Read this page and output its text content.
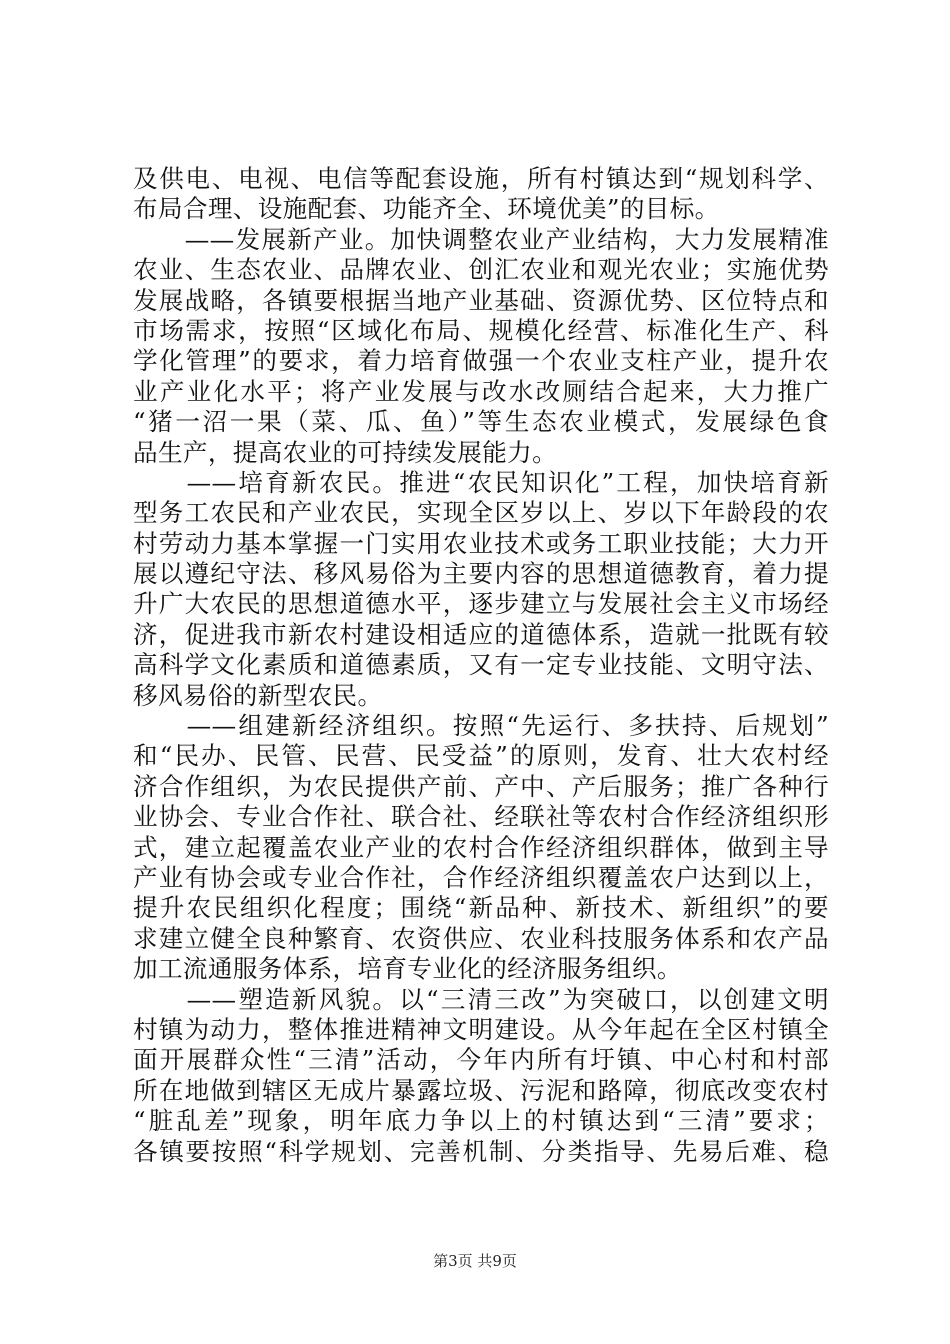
及供电、电视、电信等配套设施，所有村镇达到“规划科学、
布局合理、设施配套、功能齐全、环境优美”的目标。
　　——发展新产业。加快调整农业产业结构，大力发展精准
农业、生态农业、品牌农业、创汇农业和观光农业；实施优势
发展战略，各镇要根据当地产业基础、资源优势、区位特点和
市场需求，按照“区域化布局、规模化经营、标准化生产、科
学化管理”的要求，着力培育做强一个农业支柱产业，提升农
业产业化水平；将产业发展与改水改厕结合起来，大力推广
“猪一沼一果（菜、瓜、鱼）”等生态农业模式，发展绿色食
品生产，提高农业的可持续发展能力。
　　——培育新农民。推进“农民知识化”工程，加快培育新
型务工农民和产业农民，实现全区岁以上、岁以下年龄段的农
村劳动力基本掌握一门实用农业技术或务工职业技能；大力开
展以遵纪守法、移风易俗为主要内容的思想道德教育，着力提
升广大农民的思想道德水平，逐步建立与发展社会主义市场经
济，促进我市新农村建设相适应的道德体系，造就一批既有较
高科学文化素质和道德素质，又有一定专业技能、文明守法、
移风易俗的新型农民。
　　——组建新经济组织。按照“先运行、多扶持、后规划”
和“民办、民管、民营、民受益”的原则，发育、壮大农村经
济合作组织，为农民提供产前、产中、产后服务；推广各种行
业协会、专业合作社、联合社、经联社等农村合作经济组织形
式，建立起覆盖农业产业的农村合作经济组织群体，做到主导
产业有协会或专业合作社，合作经济组织覆盖农户达到以上，
提升农民组织化程度；围绕“新品种、新技术、新组织”的要
求建立健全良种繁育、农资供应、农业科技服务体系和农产品
加工流通服务体系，培育专业化的经济服务组织。
　　——塑造新风貌。以“三清三改”为突破口，以创建文明
村镇为动力，整体推进精神文明建设。从今年起在全区村镇全
面开展群众性“三清”活动，今年内所有圩镇、中心村和村部
所在地做到辖区无成片暴露垃圾、污泥和路障，彻底改变农村
“脏乱差”现象，明年底力争以上的村镇达到“三清”要求；
各镇要按照“科学规划、完善机制、分类指导、先易后难、稳
第3页 共9页
